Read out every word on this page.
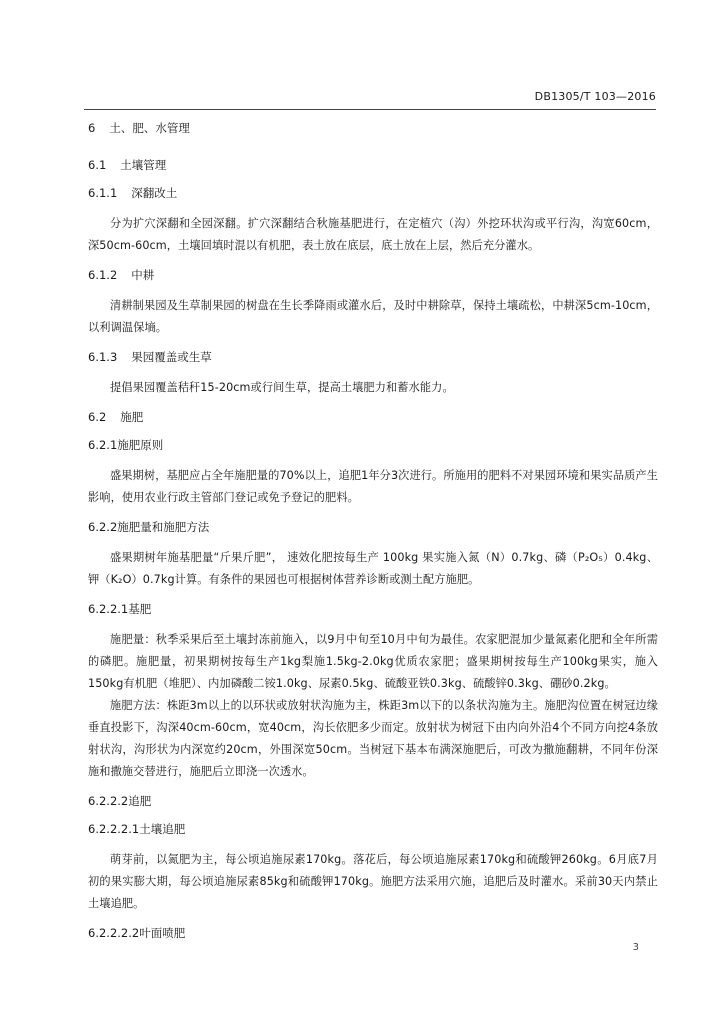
DB1305/T 103—2016
6 土、肥、水管理
6.1 土壤管理
6.1.1 深翻改土

分为扩穴深翻和全园深翻。扩穴深翻结合秋施基肥进行，在定植穴（沟）外挖环状沟或平行沟，沟宽60cm，深50cm-60cm，土壤回填时混以有机肥，表土放在底层，底土放在上层，然后充分灌水。

6.1.2 中耕

清耕制果园及生草制果园的树盘在生长季降雨或灌水后，及时中耕除草，保持土壤疏松，中耕深5cm-10cm，以利调温保墒。

6.1.3 果园覆盖或生草

提倡果园覆盖秸秆15-20cm或行间生草，提高土壤肥力和蓄水能力。

6.2 施肥
6.2.1施肥原则

盛果期树，基肥应占全年施肥量的70%以上，追肥1年分3次进行。所施用的肥料不对果园环境和果实品质产生影响，使用农业行政主管部门登记或免予登记的肥料。

6.2.2施肥量和施肥方法

盛果期树年施基肥量“斤果斤肥”， 速效化肥按每生产 100kg 果实施入氮（N）0.7kg、磷（P₂O₅）0.4kg、钾（K₂O）0.7kg计算。有条件的果园也可根据树体营养诊断或测土配方施肥。

6.2.2.1基肥

施肥量：秋季采果后至土壤封冻前施入，以9月中旬至10月中旬为最佳。农家肥混加少量氮素化肥和全年所需的磷肥。施肥量，初果期树按每生产1kg梨施1.5kg-2.0kg优质农家肥；盛果期树按每生产100kg果实，施入150kg有机肥（堆肥）、内加磷酸二铵1.0kg、尿素0.5kg、硫酸亚铁0.3kg、硫酸锌0.3kg、硼砂0.2kg。

施肥方法：株距3m以上的以环状或放射状沟施为主，株距3m以下的以条状沟施为主。施肥沟位置在树冠边缘垂直投影下，沟深40cm-60cm，宽40cm，沟长依肥多少而定。放射状为树冠下由内向外沿4个不同方向挖4条放射状沟，沟形状为内深宽约20cm，外围深宽50cm。当树冠下基本布满深施肥后，可改为撒施翻耕，不同年份深施和撒施交替进行，施肥后立即浇一次透水。

6.2.2.2追肥
6.2.2.2.1土壤追肥

萌芽前，以氮肥为主，每公顷追施尿素170kg。落花后，每公顷追施尿素170kg和硫酸钾260kg。6月底7月初的果实膨大期，每公顷追施尿素85kg和硫酸钾170kg。施肥方法采用穴施，追肥后及时灌水。采前30天内禁止土壤追肥。

6.2.2.2.2叶面喷肥
3
